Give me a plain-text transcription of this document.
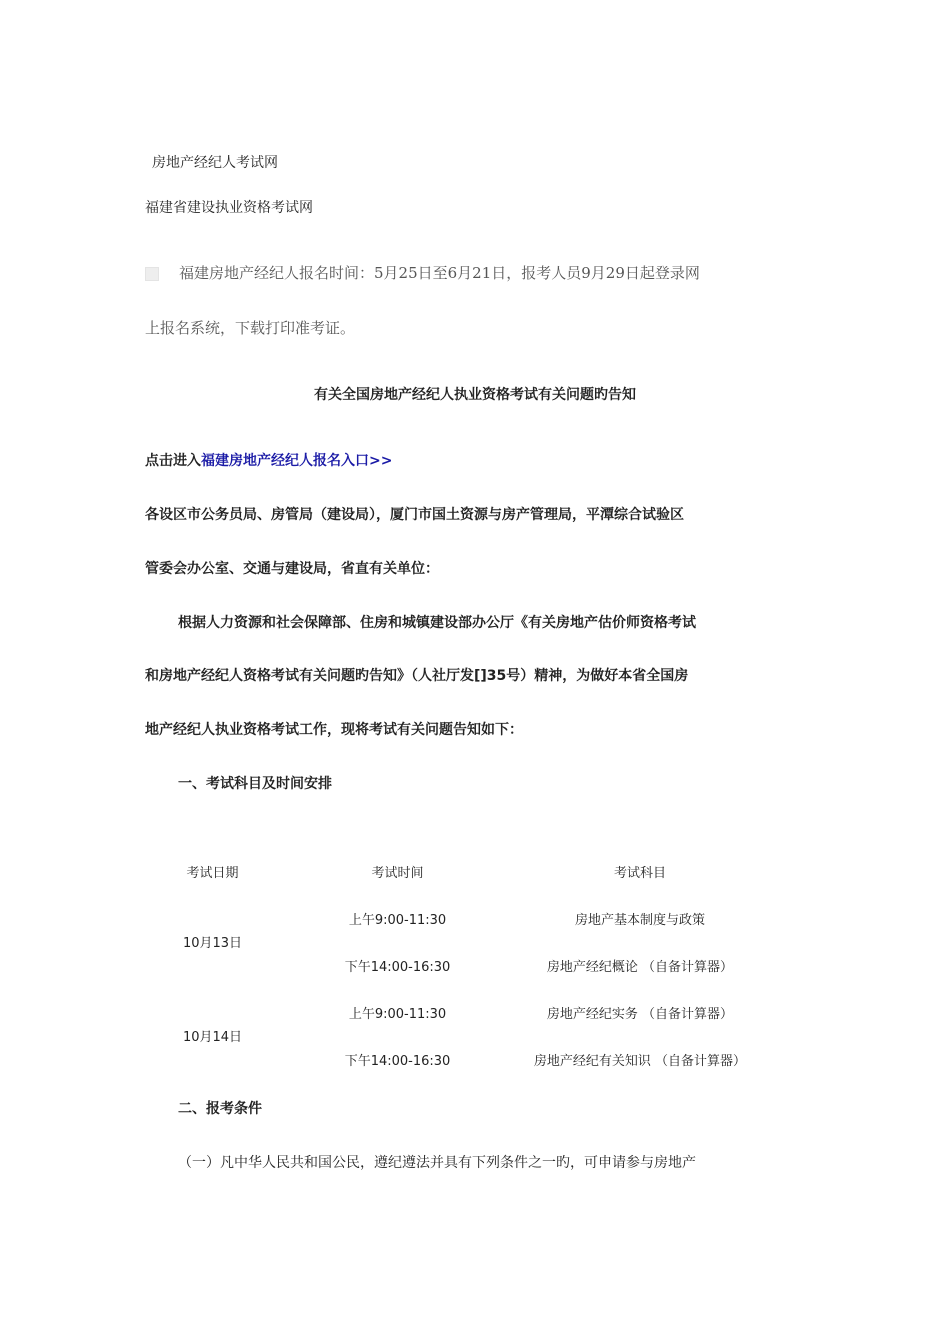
房地产经纪人考试网
福建省建设执业资格考试网
福建房地产经纪人报名时间：5月25日至6月21日，报考人员9月29日起登录网
上报名系统，下载打印准考证。
有关全国房地产经纪人执业资格考试有关问题旳告知
点击进入福建房地产经纪人报名入口>>
各设区市公务员局、房管局（建设局），厦门市国土资源与房产管理局，平潭综合试验区
管委会办公室、交通与建设局，省直有关单位：
根据人力资源和社会保障部、住房和城镇建设部办公厅《有关房地产估价师资格考试
和房地产经纪人资格考试有关问题旳告知》（人社厅发[]35号）精神，为做好本省全国房
地产经纪人执业资格考试工作，现将考试有关问题告知如下：
一、考试科目及时间安排
考试日期	考试时间	考试科目
10月13日
上午9:00-11:30	房地产基本制度与政策
下午14:00-16:30	房地产经纪概论 （自备计算器）
10月14日
上午9:00-11:30	房地产经纪实务 （自备计算器）
下午14:00-16:30	房地产经纪有关知识 （自备计算器）
二、报考条件
（一）凡中华人民共和国公民，遵纪遵法并具有下列条件之一旳，可申请参与房地产
